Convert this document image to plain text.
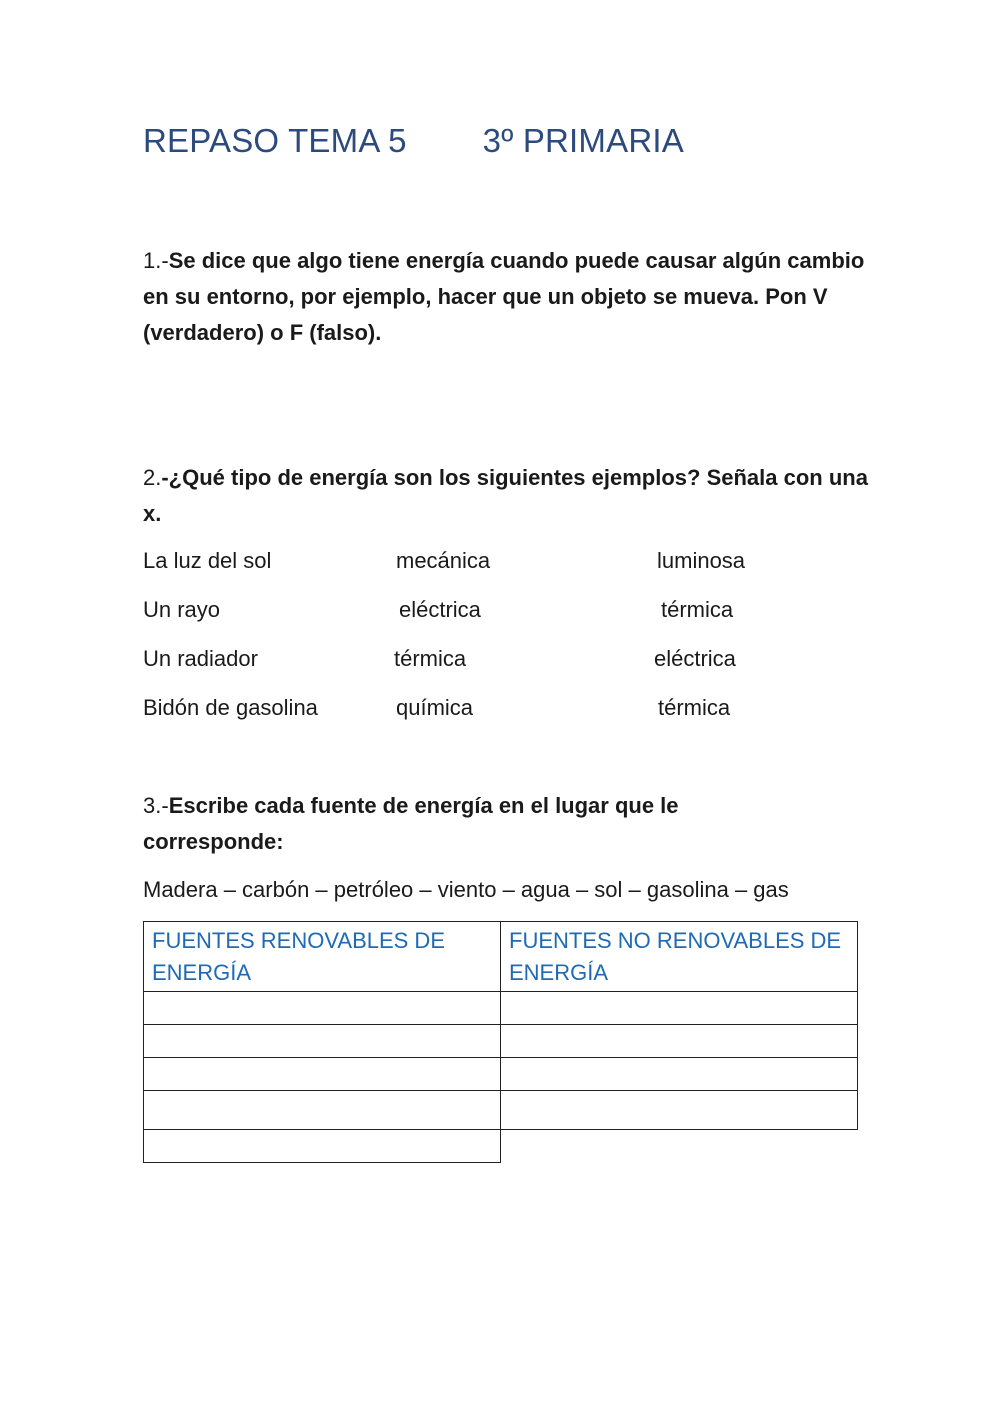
REPASO TEMA 5 3º PRIMARIA
1.-Se dice que algo tiene energía cuando puede causar algún cambio en su entorno, por ejemplo, hacer que un objeto se mueva. Pon V (verdadero) o F (falso).
2.-¿Qué tipo de energía son los siguientes ejemplos? Señala con una x.
La luz del sol	mecánica	luminosa
Un rayo	eléctrica	térmica
Un radiador	térmica	eléctrica
Bidón de gasolina	química	térmica
3.-Escribe cada fuente de energía en el lugar que le corresponde:
Madera – carbón – petróleo – viento – agua – sol – gasolina – gas
FUENTES RENOVABLES DE ENERGÍA	FUENTES NO RENOVABLES DE ENERGÍA
